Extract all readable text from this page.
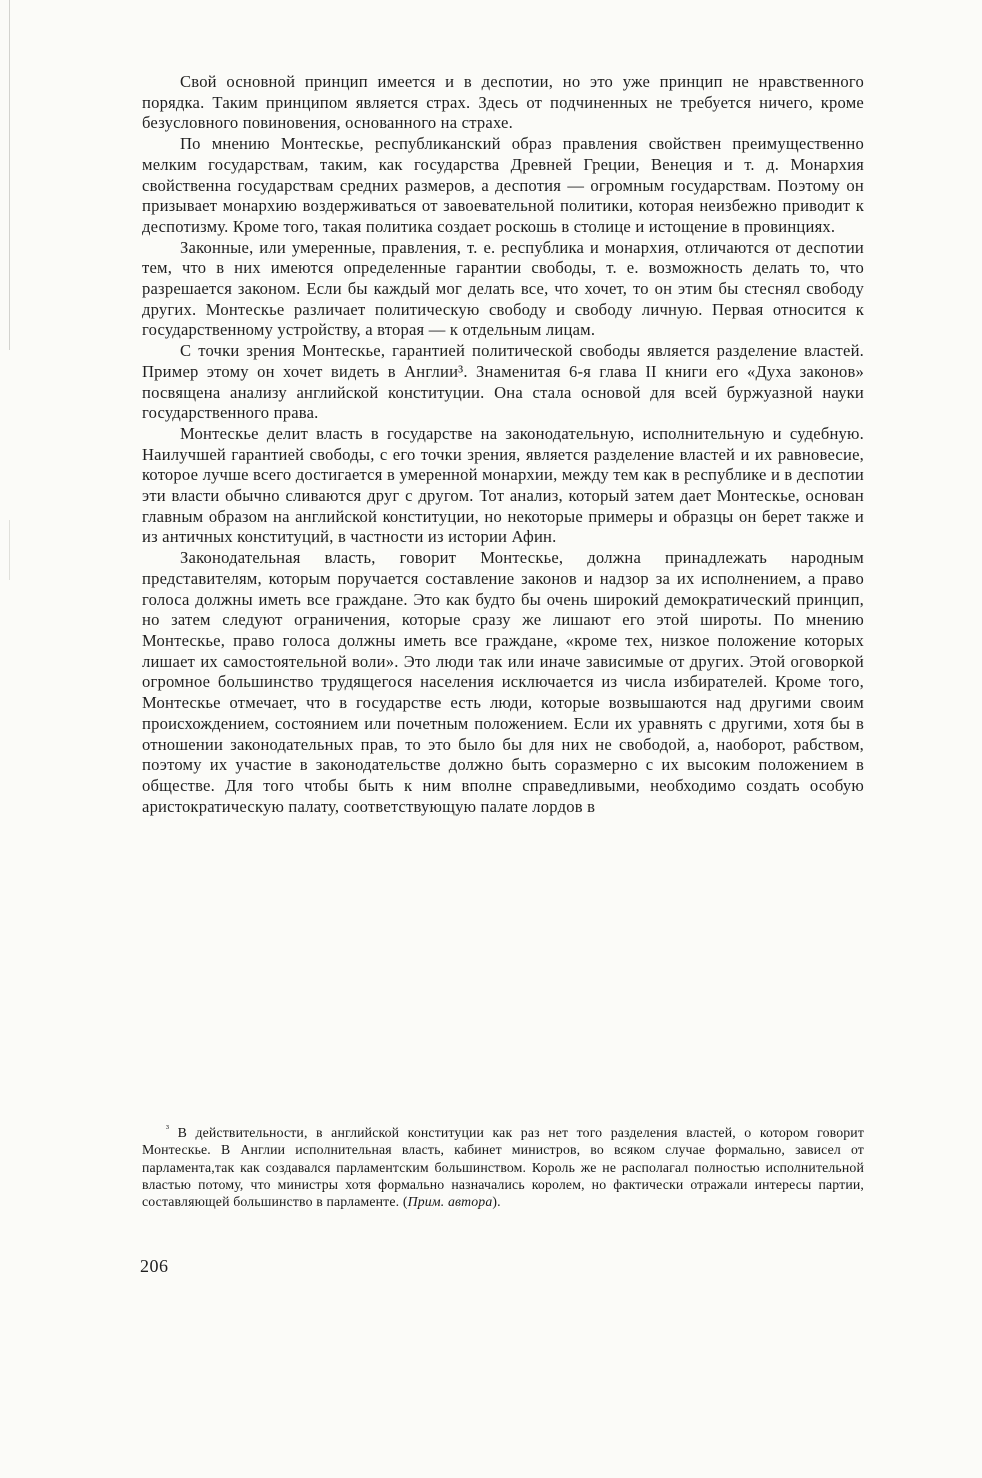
Свой основной принцип имеется и в деспотии, но это уже принцип не нравственного порядка. Таким принципом является страх. Здесь от подчиненных не требуется ничего, кроме безусловного повиновения, основанного на страхе.

По мнению Монтескье, республиканский образ правления свойствен преимущественно мелким государствам, таким, как государства Древней Греции, Венеция и т. д. Монархия свойственна государствам средних размеров, а деспотия — огромным государствам. Поэтому он призывает монархию воздерживаться от завоевательной политики, которая неизбежно приводит к деспотизму. Кроме того, такая политика создает роскошь в столице и истощение в провинциях.

Законные, или умеренные, правления, т. е. республика и монархия, отличаются от деспотии тем, что в них имеются определенные гарантии свободы, т. е. возможность делать то, что разрешается законом. Если бы каждый мог делать все, что хочет, то он этим бы стеснял свободу других. Монтескье различает политическую свободу и свободу личную. Первая относится к государственному устройству, а вторая — к отдельным лицам.

С точки зрения Монтескье, гарантией политической свободы является разделение властей. Пример этому он хочет видеть в Англии³. Знаменитая 6-я глава II книги его «Духа законов» посвящена анализу английской конституции. Она стала основой для всей буржуазной науки государственного права.

Монтескье делит власть в государстве на законодательную, исполнительную и судебную. Наилучшей гарантией свободы, с его точки зрения, является разделение властей и их равновесие, которое лучше всего достигается в умеренной монархии, между тем как в республике и в деспотии эти власти обычно сливаются друг с другом. Тот анализ, который затем дает Монтескье, основан главным образом на английской конституции, но некоторые примеры и образцы он берет также и из античных конституций, в частности из истории Афин.

Законодательная власть, говорит Монтескье, должна принадлежать народным представителям, которым поручается составление законов и надзор за их исполнением, а право голоса должны иметь все граждане. Это как будто бы очень широкий демократический принцип, но затем следуют ограничения, которые сразу же лишают его этой широты. По мнению Монтескье, право голоса должны иметь все граждане, «кроме тех, низкое положение которых лишает их самостоятельной воли». Это люди так или иначе зависимые от других. Этой оговоркой огромное большинство трудящегося населения исключается из числа избирателей. Кроме того, Монтескье отмечает, что в государстве есть люди, которые возвышаются над другими своим происхождением, состоянием или почетным положением. Если их уравнять с другими, хотя бы в отношении законодательных прав, то это было бы для них не свободой, а, наоборот, рабством, поэтому их участие в законодательстве должно быть соразмерно с их высоким положением в обществе. Для того чтобы быть к ним вполне справедливыми, необходимо создать особую аристократическую палату, соответствующую палате лордов в

$^{^3}$ В действительности, в английской конституции как раз нет того разделения властей, о котором говорит Монтескье. В Англии исполнительная власть, кабинет министров, во всяком случае формально, зависел от парламента,так как создавался парламентским большинством. Король же не располагал полностью исполнительной властью потому, что министры хотя формально назначались королем, но фактически отражали интересы партии, составляющей большинство в парламенте. (Прим. автора).

206
